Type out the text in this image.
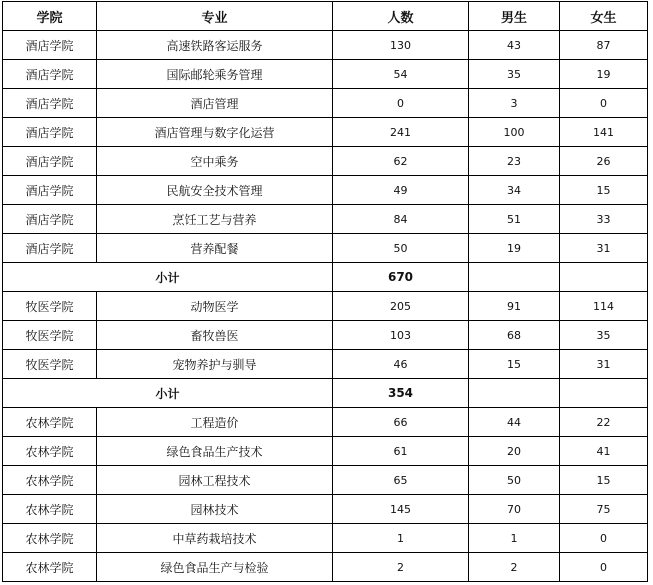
学院	专业	人数	男生	女生
酒店学院	高速铁路客运服务	130	43	87
酒店学院	国际邮轮乘务管理	54	35	19
酒店学院	酒店管理	0	3	0
酒店学院	酒店管理与数字化运营	241	100	141
酒店学院	空中乘务	62	23	26
酒店学院	民航安全技术管理	49	34	15
酒店学院	烹饪工艺与营养	84	51	33
酒店学院	营养配餐	50	19	31
小计		670		
牧医学院	动物医学	205	91	114
牧医学院	畜牧兽医	103	68	35
牧医学院	宠物养护与驯导	46	15	31
小计		354		
农林学院	工程造价	66	44	22
农林学院	绿色食品生产技术	61	20	41
农林学院	园林工程技术	65	50	15
农林学院	园林技术	145	70	75
农林学院	中草药栽培技术	1	1	0
农林学院	绿色食品生产与检验	2	2	0
